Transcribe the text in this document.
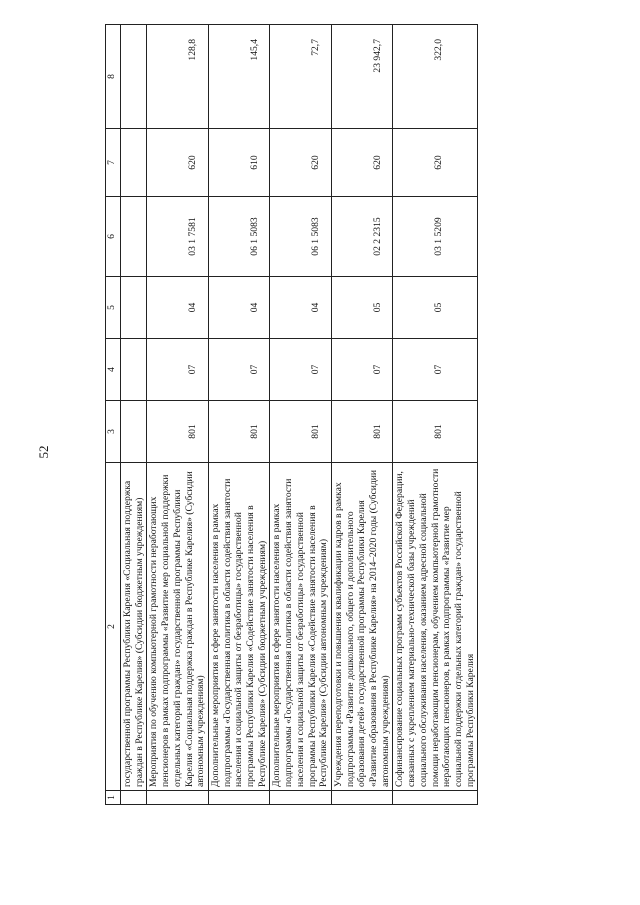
52
1	2	3	4	5	6	7	8
	государственной программы Республики Карелия «Социальная поддержка граждан в Республике Карелия» (Субсидии бюджетным учреждениям)						
	Мероприятия по обучению компьютерной грамотности неработающих пенсионеров в рамках подпрограммы «Развитие мер социальной поддержки отдельных категорий граждан» государственной программы Республики Карелия «Социальная поддержка граждан в Республике Карелия» (Субсидии автономным учреждениям)	801	07	04	03 1 7581	620	128,8
	Дополнительные мероприятия в сфере занятости населения в рамках подпрограммы «Государственная политика в области содействия занятости населения и социальной защиты от безработицы» государственной программы Республики Карелия «Содействие занятости населения в Республике Карелия» (Субсидии бюджетным учреждениям)	801	07	04	06 1 5083	610	145,4
	Дополнительные мероприятия в сфере занятости населения в рамках подпрограммы «Государственная политика в области содействия занятости населения и социальной защиты от безработицы» государственной программы Республики Карелия «Содействие занятости населения в Республике Карелия» (Субсидии автономным учреждениям)	801	07	04	06 1 5083	620	72,7
	Учреждения переподготовки и повышения квалификации кадров в рамках подпрограммы «Развитие дошкольного, общего и дополнительного образования детей» государственной программы Республики Карелия «Развитие образования в Республике Карелия» на 2014–2020 годы (Субсидии автономным учреждениям)	801	07	05	02 2 2315	620	23 942,7
	Софинансирование социальных программ субъектов Российской Федерации, связанных с укреплением материально-технической базы учреждений социального обслуживания населения, оказанием адресной социальной помощи неработающим пенсионерам, обучением компьютерной грамотности неработающих пенсионеров, в рамках подпрограммы «Развитие мер социальной поддержки отдельных категорий граждан» государственной программы Республики Карелия	801	07	05	03 1 5209	620	322,0
